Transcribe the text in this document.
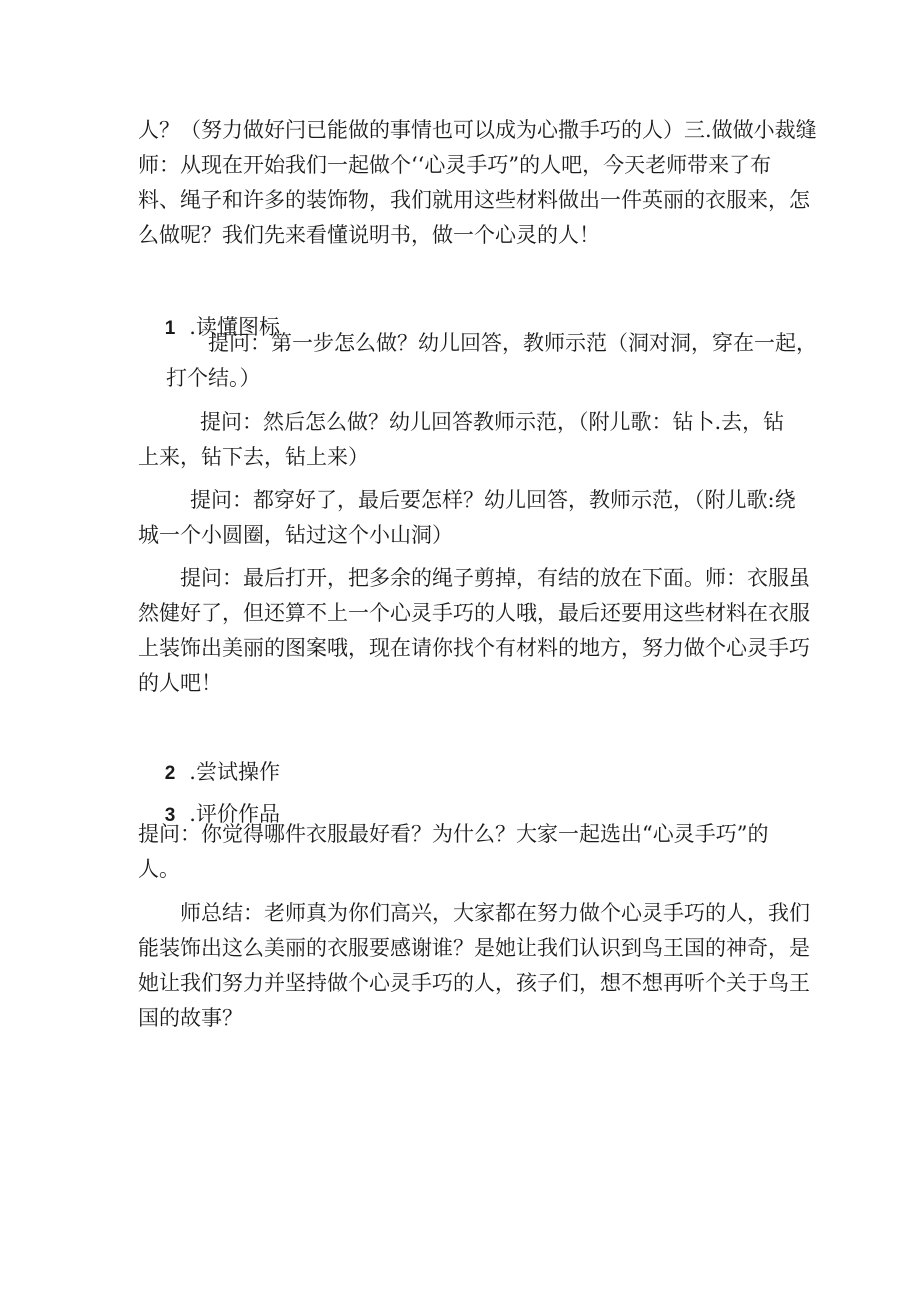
人？（努力做好闩已能做的事情也可以成为心撒手巧的人）三.做做小裁缝
师：从现在开始我们一起做个‘‘心灵手巧”的人吧，今天老师带来了布
料、绳子和许多的装饰物，我们就用这些材料做出一件英丽的衣服来，怎
么做呢？我们先来看懂说明书，做一个心灵的人！

1 .读懂图标

提问：第一步怎么做？幼儿回答，教师示范（洞对洞，穿在一起，
打个结。）
提问：然后怎么做？幼儿回答教师示范，（附儿歌：钻卜.去，钻
上来，钻下去，钻上来）
提问：都穿好了，最后要怎样？幼儿回答，教师示范，（附儿歌:绕
城一个小圆圈，钻过这个小山洞）
提问：最后打开，把多余的绳子剪掉，有结的放在下面。师：衣服虽
然健好了，但还算不上一个心灵手巧的人哦，最后还要用这些材料在衣服
上装饰出美丽的图案哦，现在请你找个有材料的地方，努力做个心灵手巧
的人吧！

2 .尝试操作

3 .评价作品

提问：你觉得哪件衣服最好看？为什么？大家一起选出“心灵手巧”的
人。
师总结：老师真为你们高兴，大家都在努力做个心灵手巧的人，我们
能装饰出这么美丽的衣服要感谢谁？是她让我们认识到鸟王国的神奇，是
她让我们努力并坚持做个心灵手巧的人，孩子们，想不想再听个关于鸟王
国的故事？
